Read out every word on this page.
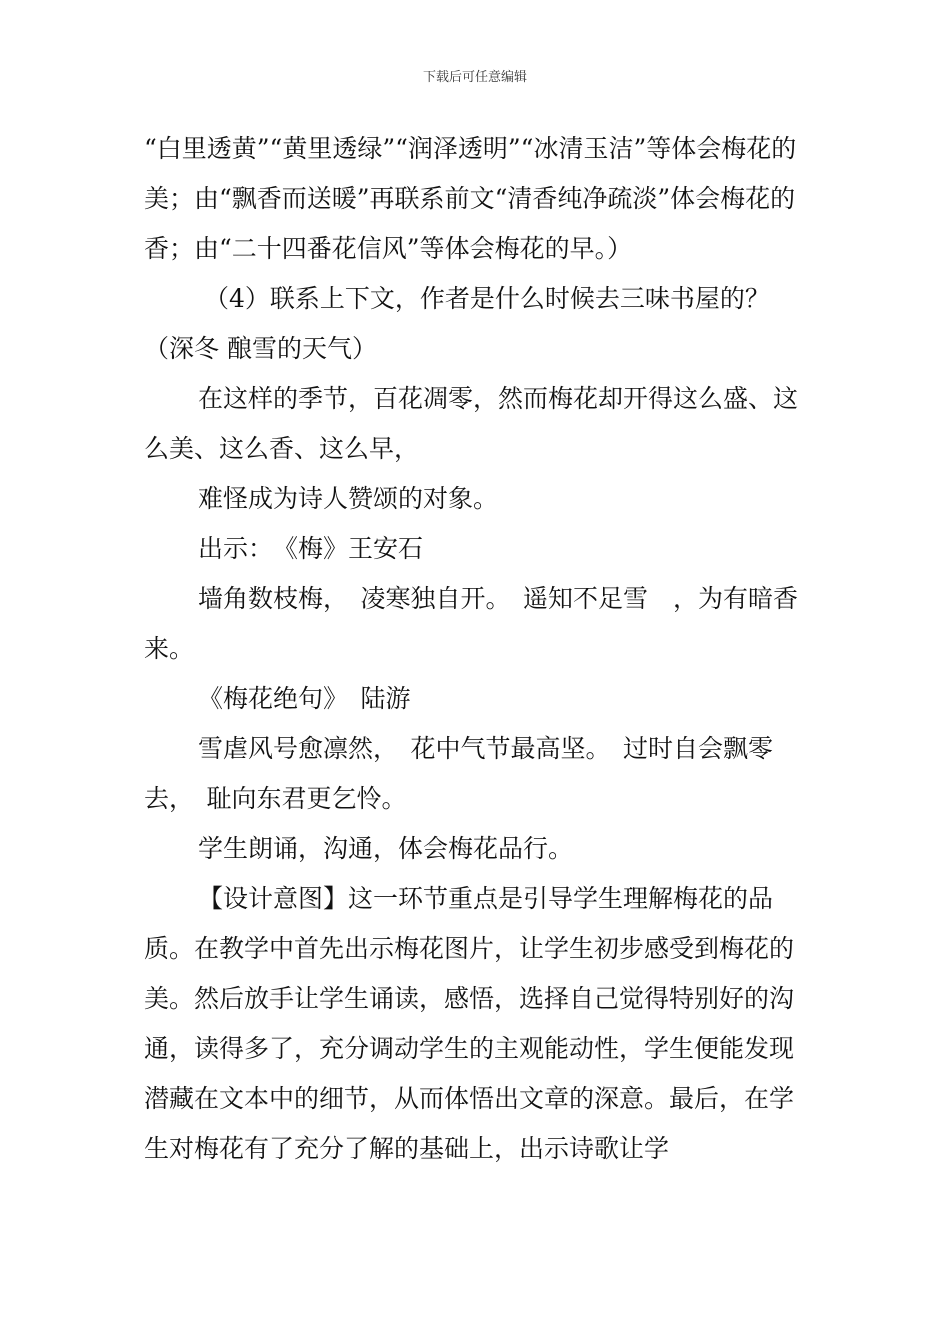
下载后可任意编辑

“白里透黄”“黄里透绿”“润泽透明”“冰清玉洁”等体会梅花的美；由“飘香而送暖”再联系前文“清香纯净疏淡”体会梅花的香；由“二十四番花信风”等体会梅花的早。）

（4）联系上下文，作者是什么时候去三味书屋的？（深冬 酿雪的天气）

在这样的季节，百花凋零，然而梅花却开得这么盛、这么美、这么香、这么早，

难怪成为诗人赞颂的对象。

出示：　《梅》王安石

墙角数枝梅，　凌寒独自开。　遥知不足雪　，为有暗香来。

《梅花绝句》　陆游

雪虐风号愈凛然，　花中气节最高坚。　过时自会飘零去，　耻向东君更乞怜。

学生朗诵，沟通，体会梅花品行。

【设计意图】这一环节重点是引导学生理解梅花的品质。在教学中首先出示梅花图片，让学生初步感受到梅花的美。然后放手让学生诵读，感悟，选择自己觉得特别好的沟通，读得多了，充分调动学生的主观能动性，学生便能发现潜藏在文本中的细节，从而体悟出文章的深意。最后，在学生对梅花有了充分了解的基础上，出示诗歌让学
